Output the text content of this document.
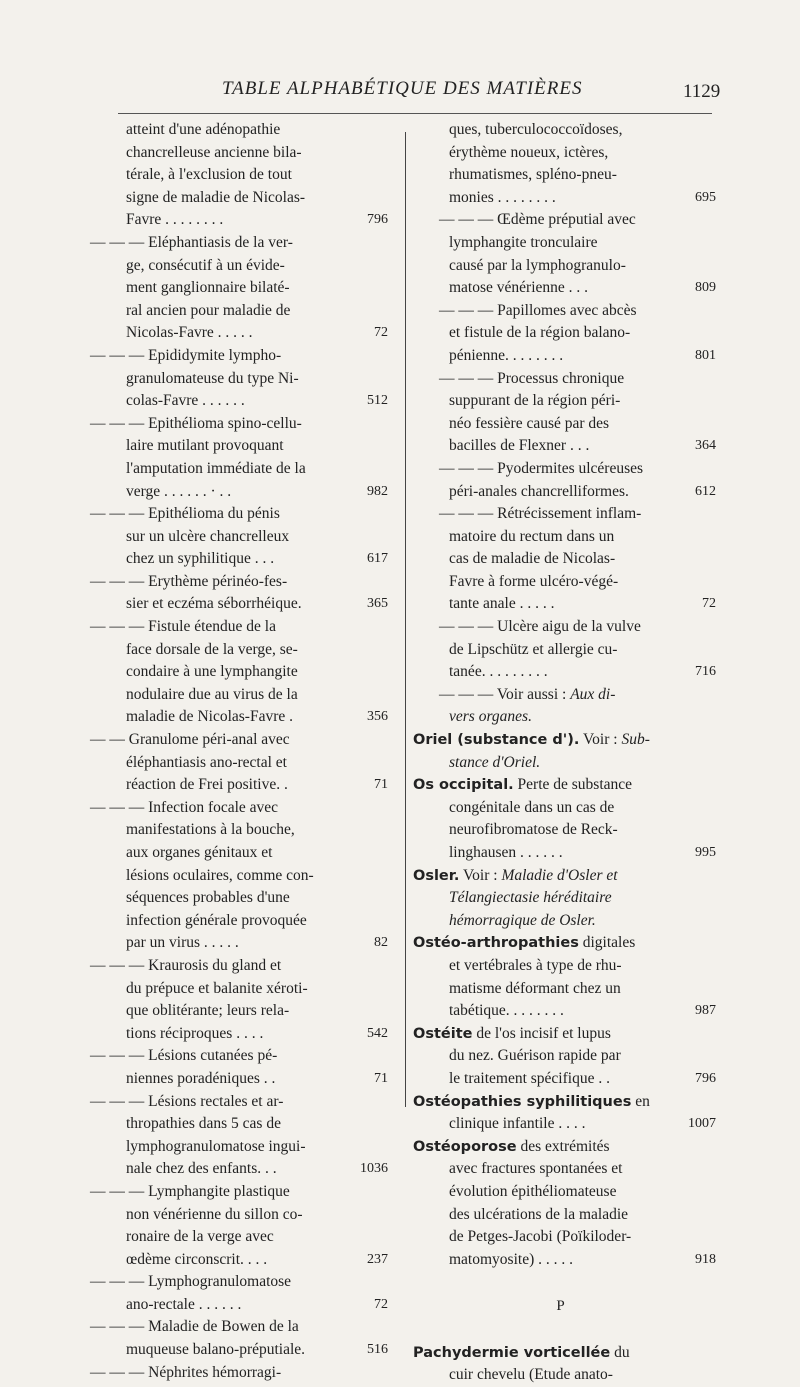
TABLE ALPHABÉTIQUE DES MATIÈRES	1129
atteint d'une adénopathie
chancrelleuse ancienne bila-
térale, à l'exclusion de tout
signe de maladie de Nicolas-
Favre . . . . . . . .	796
— — — Eléphantiasis de la ver-
ge, consécutif à un évide-
ment ganglionnaire bilaté-
ral ancien pour maladie de
Nicolas-Favre . . . . .	72
— — — Epididymite lympho-
granulomateuse du type Ni-
colas-Favre . . . . . .	512
— — — Epithélioma spino-cellu-
laire mutilant provoquant
l'amputation immédiate de la
verge . . . . . . · . .	982
— — — Epithélioma du pénis
sur un ulcère chancrelleux
chez un syphilitique . . .	617
— — — Erythème périnéo-fes-
sier et eczéma séborrhéique.	365
— — — Fistule étendue de la
face dorsale de la verge, se-
condaire à une lymphangite
nodulaire due au virus de la
maladie de Nicolas-Favre .	356
— — Granulome péri-anal avec
éléphantiasis ano-rectal et
réaction de Frei positive. .	71
— — — Infection focale avec
manifestations à la bouche,
aux organes génitaux et
lésions oculaires, comme con-
séquences probables d'une
infection générale provoquée
par un virus . . . . .	82
— — — Kraurosis du gland et
du prépuce et balanite xéroti-
que oblitérante; leurs rela-
tions réciproques . . . .	542
— — — Lésions cutanées pé-
niennes poradéniques . .	71
— — — Lésions rectales et ar-
thropathies dans 5 cas de
lymphogranulomatose ingui-
nale chez des enfants. . .	1036
— — — Lymphangite plastique
non vénérienne du sillon co-
ronaire de la verge avec
œdème circonscrit. . . .	237
— — — Lymphogranulomatose
ano-rectale . . . . . .	72
— — — Maladie de Bowen de la
muqueuse balano-préputiale.	516
— — — Néphrites hémorragi-
ques, tuberculococcoïdoses,
érythème noueux, ictères,
rhumatismes, spléno-pneu-
monies . . . . . . . .	695
— — — Œdème préputial avec
lymphangite tronculaire
causé par la lymphogranulo-
matose vénérienne . . .	809
— — — Papillomes avec abcès
et fistule de la région balano-
pénienne. . . . . . . .	801
— — — Processus chronique
suppurant de la région péri-
néo fessière causé par des
bacilles de Flexner . . .	364
— — — Pyodermites ulcéreuses
péri-anales chancrelliformes.	612
— — — Rétrécissement inflam-
matoire du rectum dans un
cas de maladie de Nicolas-
Favre à forme ulcéro-végé-
tante anale . . . . .	72
— — — Ulcère aigu de la vulve
de Lipschütz et allergie cu-
tanée. . . . . . . . .	716
— — — Voir aussi : Aux di-
vers organes.
Oriel (substance d'). Voir : Sub-
stance d'Oriel.
Os occipital. Perte de substance
congénitale dans un cas de
neurofibromatose de Reck-
linghausen . . . . . .	995
Osler. Voir : Maladie d'Osler et
Télangiectasie héréditaire
hémorragique de Osler.
Ostéo-arthropathies digitales
et vertébrales à type de rhu-
matisme déformant chez un
tabétique. . . . . . . .	987
Ostéite de l'os incisif et lupus
du nez. Guérison rapide par
le traitement spécifique . .	796
Ostéopathies syphilitiques en
clinique infantile . . . .	1007
Ostéoporose des extrémités
avec fractures spontanées et
évolution épithéliomateuse
des ulcérations de la maladie
de Petges-Jacobi (Poïkiloder-
matomyosite) . . . . .	918
P
Pachydermie vorticellée du
cuir chevelu (Etude anato-
